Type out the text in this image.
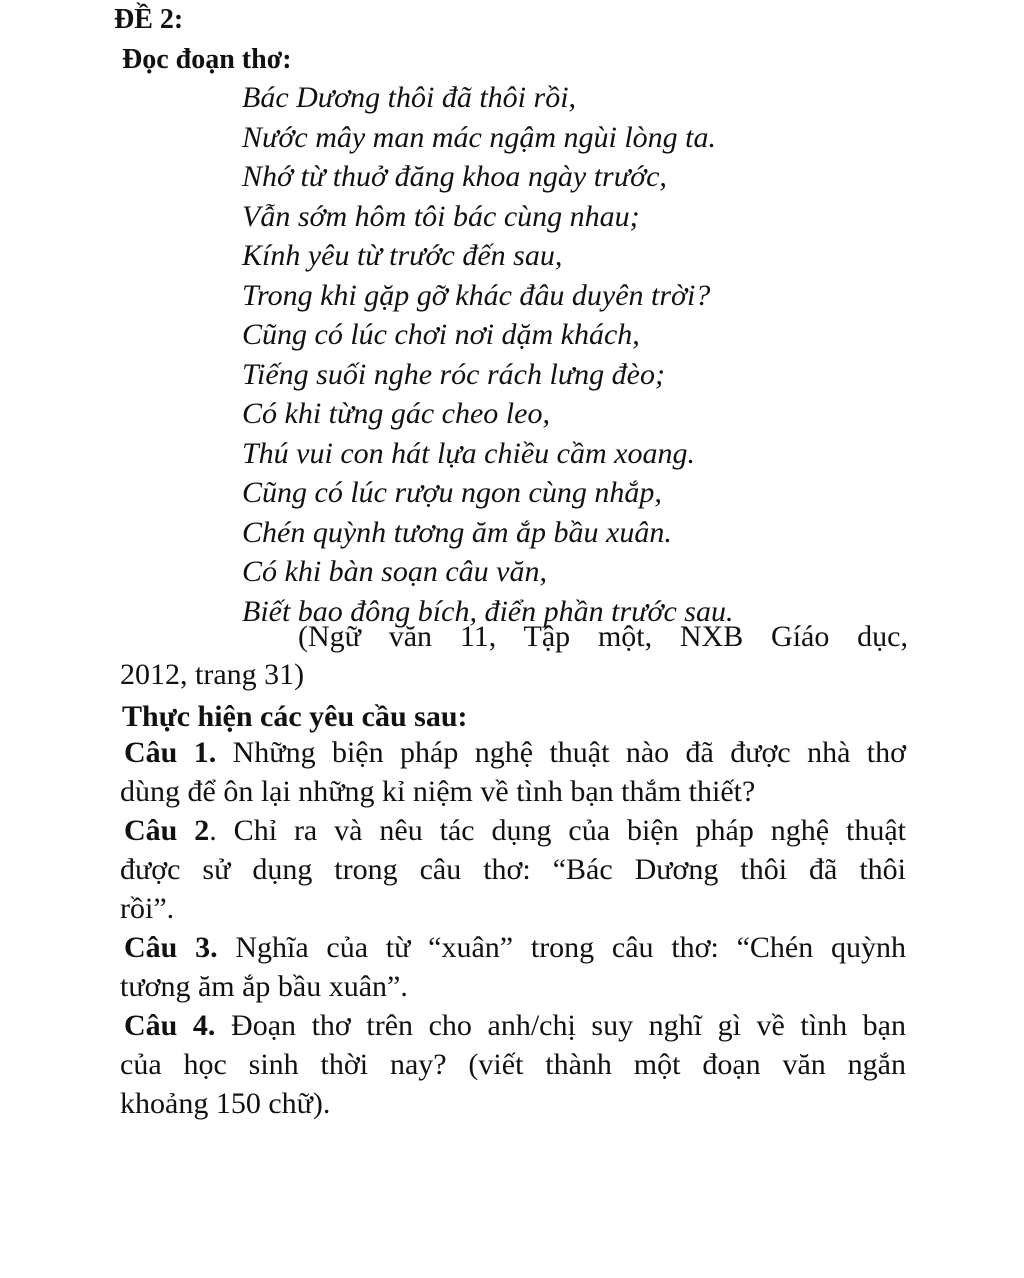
ĐỀ 2:
Đọc đoạn thơ:
Bác Dương thôi đã thôi rồi,
Nước mây man mác ngậm ngùi lòng ta.
Nhớ từ thuở đăng khoa ngày trước,
Vẫn sớm hôm tôi bác cùng nhau;
Kính yêu từ trước đến sau,
Trong khi gặp gỡ khác đâu duyên trời?
Cũng có lúc chơi nơi dặm khách,
Tiếng suối nghe róc rách lưng đèo;
Có khi từng gác cheo leo,
Thú vui con hát lựa chiều cầm xoang.
Cũng có lúc rượu ngon cùng nhắp,
Chén quỳnh tương ăm ắp bầu xuân.
Có khi bàn soạn câu văn,
Biết bao đông bích, điển phần trước sau.
(Ngữ văn 11, Tập một, NXB Gíáo dục,
2012, trang 31)
Thực hiện các yêu cầu sau:
Câu 1. Những biện pháp nghệ thuật nào đã được nhà thơ
dùng để ôn lại những kỉ niệm về tình bạn thắm thiết?
Câu 2. Chỉ ra và nêu tác dụng của biện pháp nghệ thuật
được sử dụng trong câu thơ: “Bác Dương thôi đã thôi
rồi”.
Câu 3. Nghĩa của từ “xuân” trong câu thơ: “Chén quỳnh
tương ăm ắp bầu xuân”.
Câu 4. Đoạn thơ trên cho anh/chị suy nghĩ gì về tình bạn
của học sinh thời nay? (viết thành một đoạn văn ngắn
khoảng 150 chữ).
